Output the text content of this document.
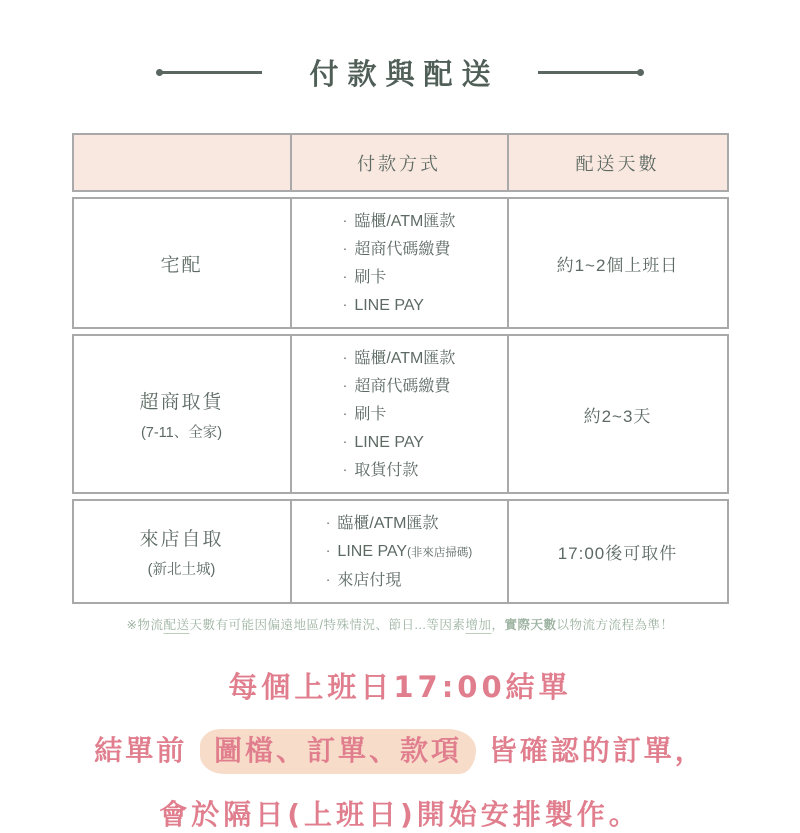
付款與配送
付款方式	配送天數
宅配
· 臨櫃/ATM匯款
· 超商代碼繳費
· 刷卡
· LINE PAY
約1~2個上班日
超商取貨
(7-11、全家)
· 臨櫃/ATM匯款
· 超商代碼繳費
· 刷卡
· LINE PAY
· 取貨付款
約2~3天
來店自取
(新北土城)
· 臨櫃/ATM匯款
· LINE PAY(非來店掃碼)
· 來店付現
17:00後可取件
※物流配送天數有可能因偏遠地區/特殊情況、節日...等因素增加，實際天數以物流方流程為準！
每個上班日17:00結單
結單前 圖檔、訂單、款項 皆確認的訂單，
會於隔日(上班日)開始安排製作。
